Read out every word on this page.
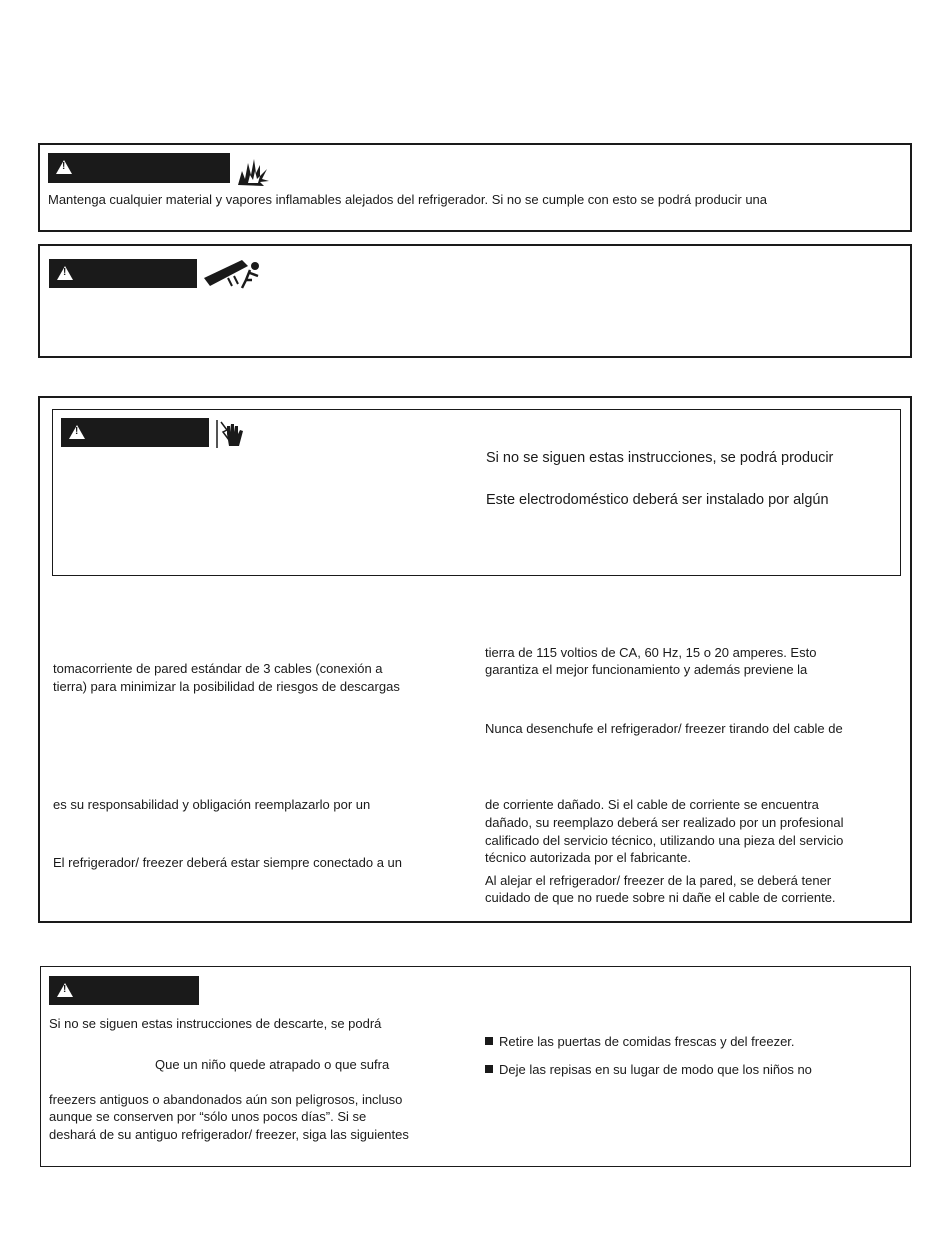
!
Mantenga cualquier material y vapores inflamables alejados del refrigerador. Si no se cumple con esto se podrá producir una
!
!
Si no se siguen estas instrucciones, se podrá producir
Este electrodoméstico deberá ser instalado por algún
tomacorriente de pared estándar de 3 cables (conexión a
tierra) para minimizar la posibilidad de riesgos de descargas
tierra de 115 voltios de CA, 60 Hz, 15 o 20 amperes. Esto
garantiza el mejor funcionamiento y además previene la
Nunca desenchufe el refrigerador/ freezer tirando del cable de
es su responsabilidad y obligación reemplazarlo por un
El refrigerador/ freezer deberá estar siempre conectado a un
de corriente dañado. Si el cable de corriente se encuentra
dañado, su reemplazo deberá ser realizado por un profesional
calificado del servicio técnico, utilizando una pieza del servicio
técnico autorizada por el fabricante.
Al alejar el refrigerador/ freezer de la pared, se deberá tener
cuidado de que no ruede sobre ni dañe el cable de corriente.
!
Si no se siguen estas instrucciones de descarte, se podrá
Que un niño quede atrapado o que sufra
freezers antiguos o abandonados aún son peligrosos, incluso
aunque se conserven por “sólo unos pocos días”. Si se
deshará de su antiguo refrigerador/ freezer, siga las siguientes
Retire las puertas de comidas frescas y del freezer.
Deje las repisas en su lugar de modo que los niños no
